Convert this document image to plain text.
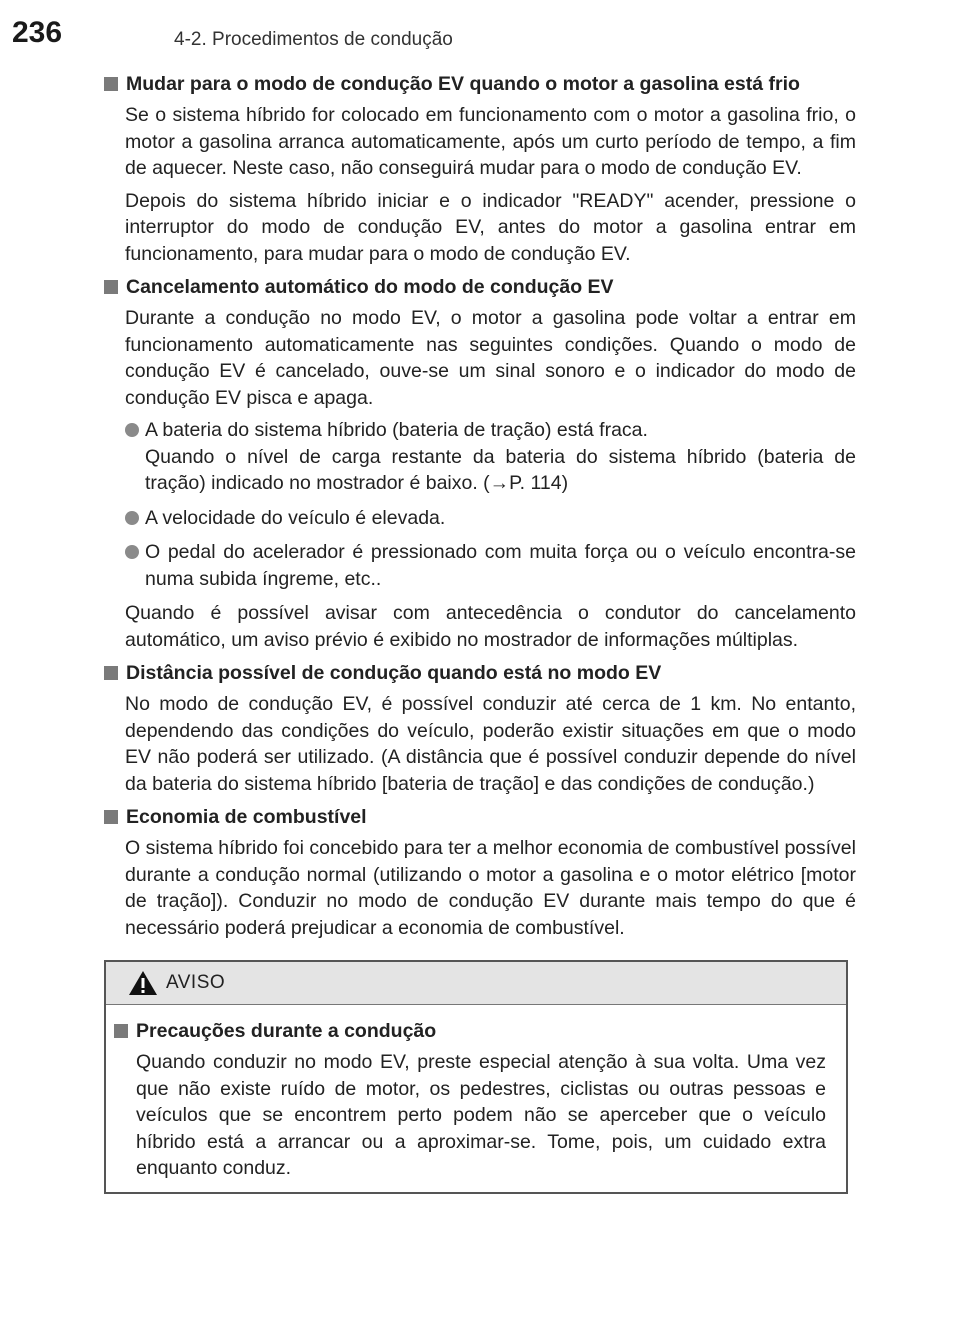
236	4-2. Procedimentos de condução
Mudar para o modo de condução EV quando o motor a gasolina está frio

Se o sistema híbrido for colocado em funcionamento com o motor a gasolina frio, o motor a gasolina arranca automaticamente, após um curto período de tempo, a fim de aquecer. Neste caso, não conseguirá mudar para o modo de condução EV.

Depois do sistema híbrido iniciar e o indicador "READY" acender, pressione o interruptor do modo de condução EV, antes do motor a gasolina entrar em funcionamento, para mudar para o modo de condução EV.

Cancelamento automático do modo de condução EV

Durante a condução no modo EV, o motor a gasolina pode voltar a entrar em funcionamento automaticamente nas seguintes condições. Quando o modo de condução EV é cancelado, ouve-se um sinal sonoro e o indicador do modo de condução EV pisca e apaga.

A bateria do sistema híbrido (bateria de tração) está fraca.
Quando o nível de carga restante da bateria do sistema híbrido (bateria de tração) indicado no mostrador é baixo. (→P. 114)
A velocidade do veículo é elevada.
O pedal do acelerador é pressionado com muita força ou o veículo encontra-se numa subida íngreme, etc..

Quando é possível avisar com antecedência o condutor do cancelamento automático, um aviso prévio é exibido no mostrador de informações múltiplas.

Distância possível de condução quando está no modo EV

No modo de condução EV, é possível conduzir até cerca de 1 km. No entanto, dependendo das condições do veículo, poderão existir situações em que o modo EV não poderá ser utilizado. (A distância que é possível conduzir depende do nível da bateria do sistema híbrido [bateria de tração] e das condições de condução.)

Economia de combustível

O sistema híbrido foi concebido para ter a melhor economia de combustível possível durante a condução normal (utilizando o motor a gasolina e o motor elétrico [motor de tração]). Conduzir no modo de condução EV durante mais tempo do que é necessário poderá prejudicar a economia de combustível.

AVISO
Precauções durante a condução

Quando conduzir no modo EV, preste especial atenção à sua volta. Uma vez que não existe ruído de motor, os pedestres, ciclistas ou outras pessoas e veículos que se encontrem perto podem não se aperceber que o veículo híbrido está a arrancar ou a aproximar-se. Tome, pois, um cuidado extra enquanto conduz.
